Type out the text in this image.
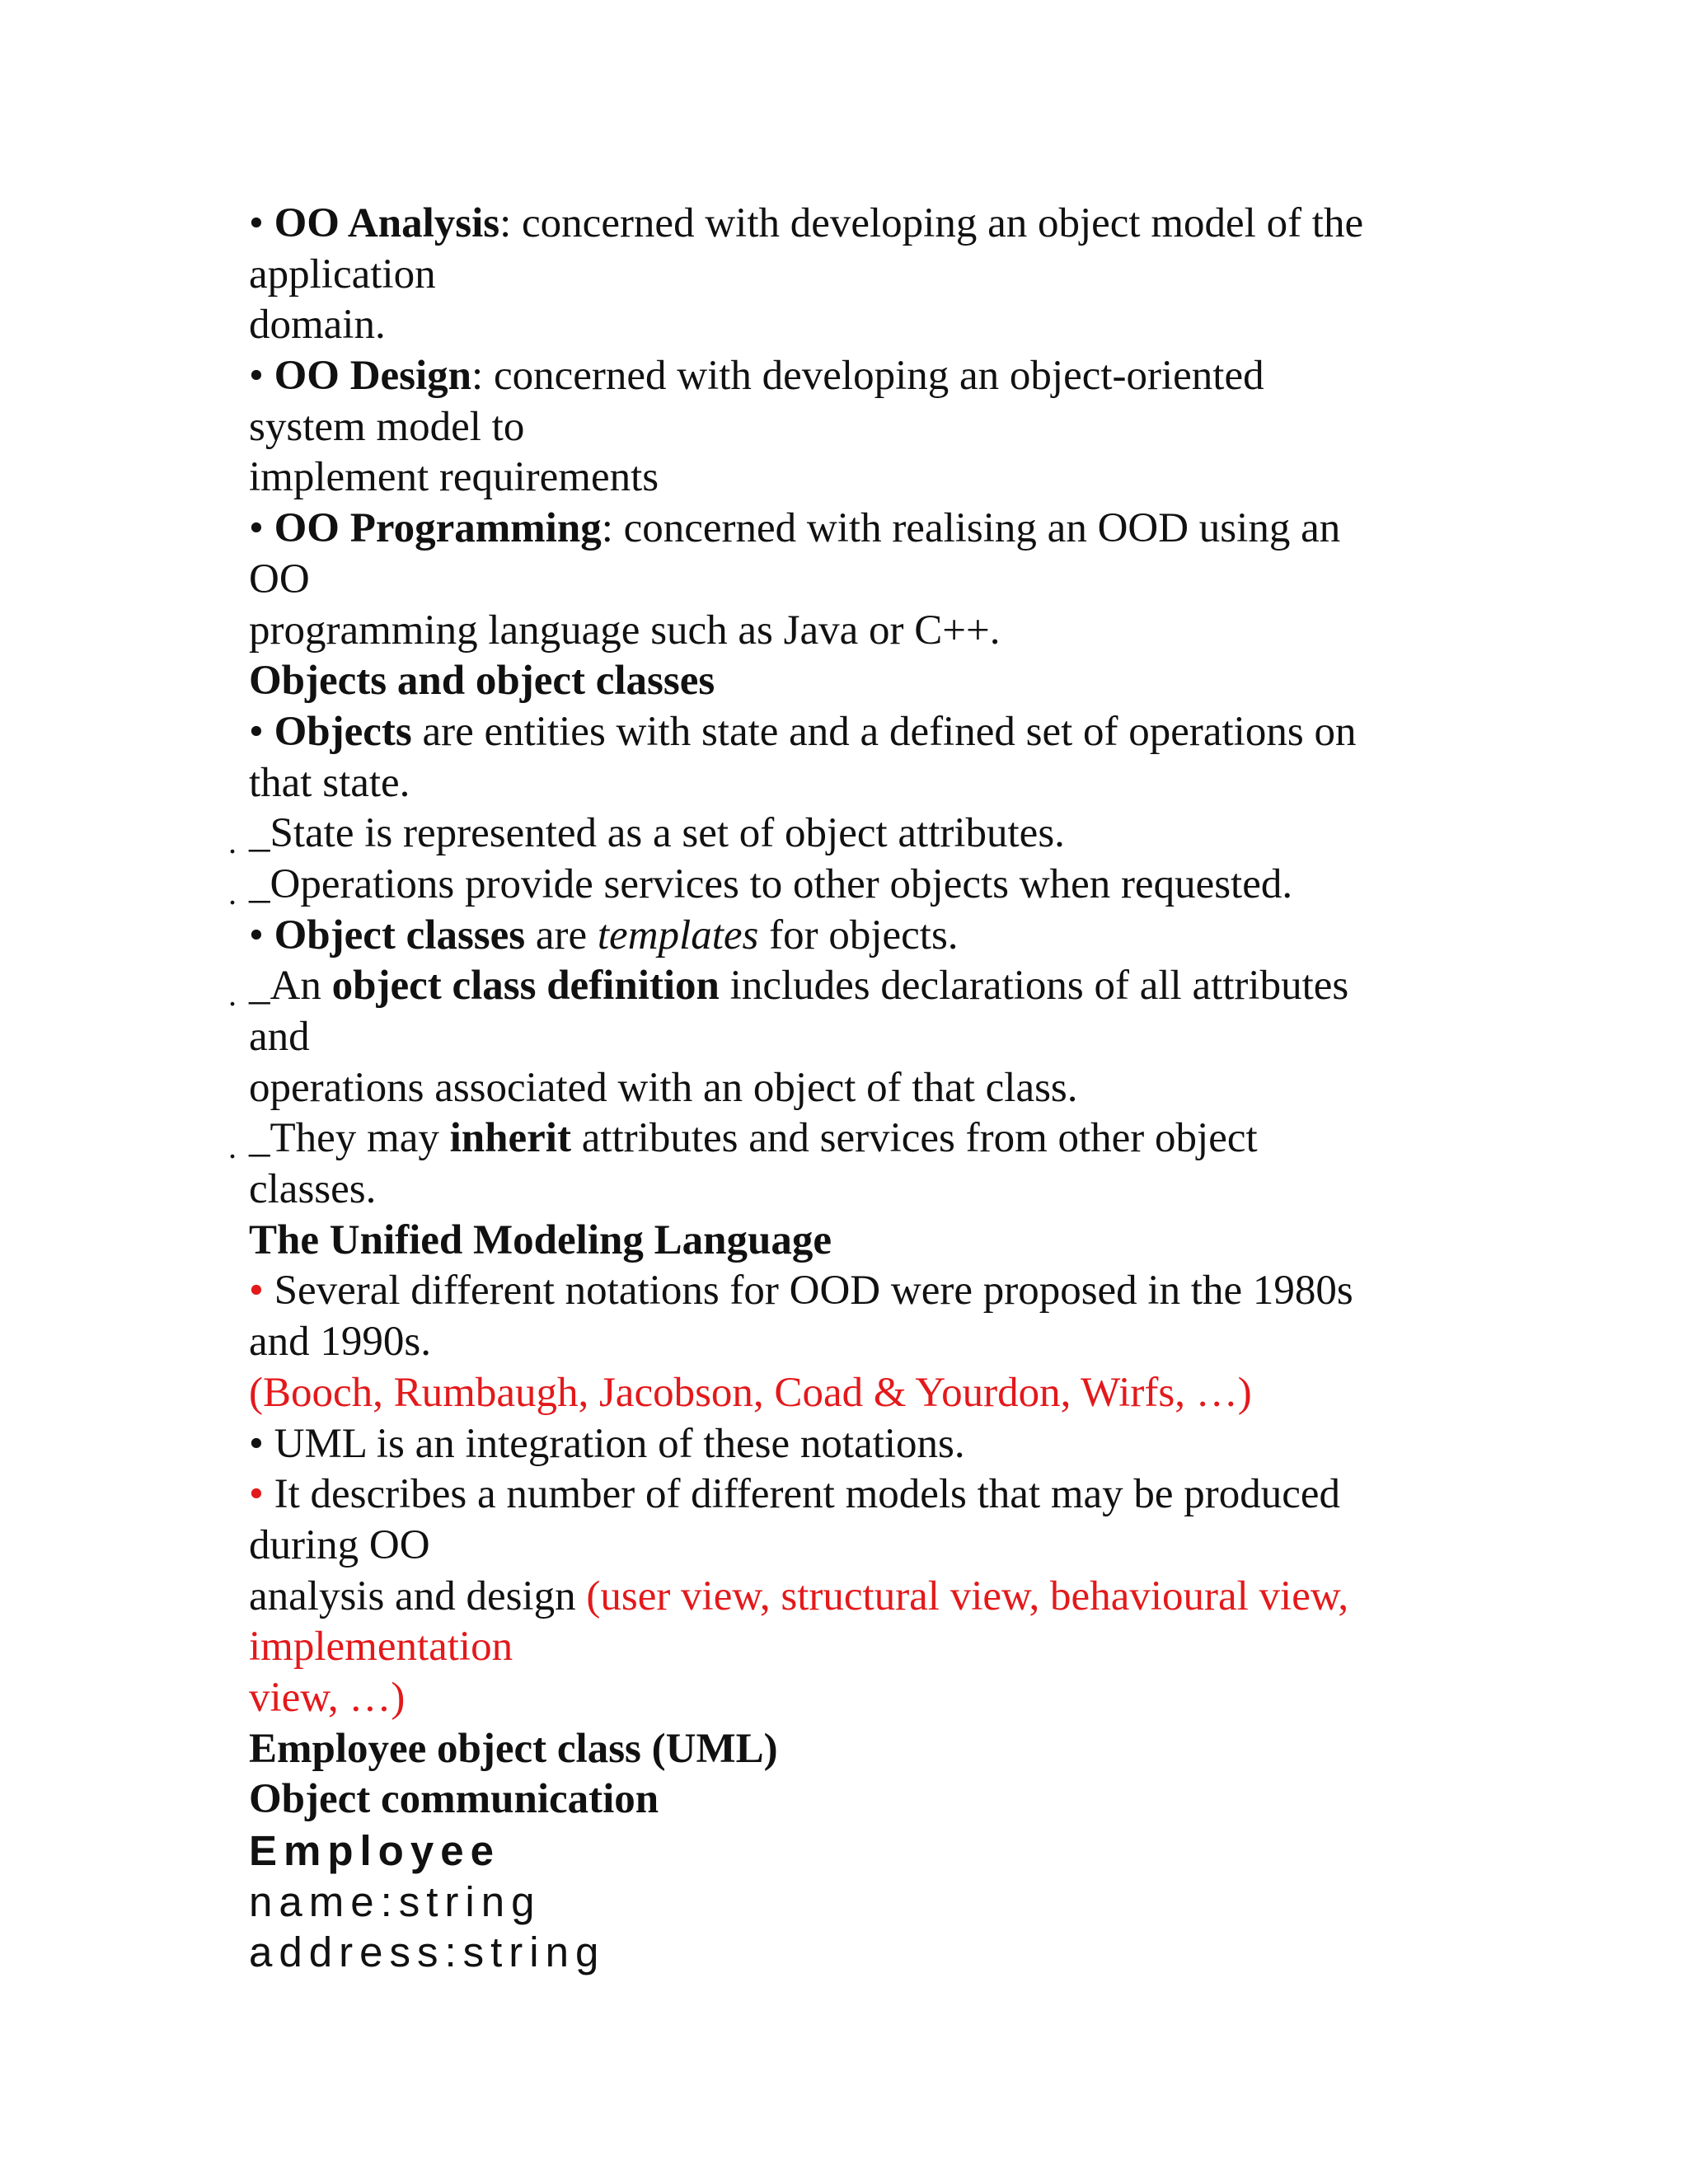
• OO Analysis: concerned with developing an object model of the
application
domain.
• OO Design: concerned with developing an object-oriented
system model to
implement requirements
• OO Programming: concerned with realising an OOD using an
OO
programming language such as Java or C++.
Objects and object classes
• Objects are entities with state and a defined set of operations on
that state.
. _State is represented as a set of object attributes.
. _Operations provide services to other objects when requested.
• Object classes are templates for objects.
. _An object class definition includes declarations of all attributes
and
operations associated with an object of that class.
. _They may inherit attributes and services from other object
classes.
The Unified Modeling Language
• Several different notations for OOD were proposed in the 1980s
and 1990s.
(Booch, Rumbaugh, Jacobson, Coad & Yourdon, Wirfs, …)
• UML is an integration of these notations.
• It describes a number of different models that may be produced
during OO
analysis and design (user view, structural view, behavioural view,
implementation
view, …)
Employee object class (UML)
Object communication
Employee
name:string
address:string
